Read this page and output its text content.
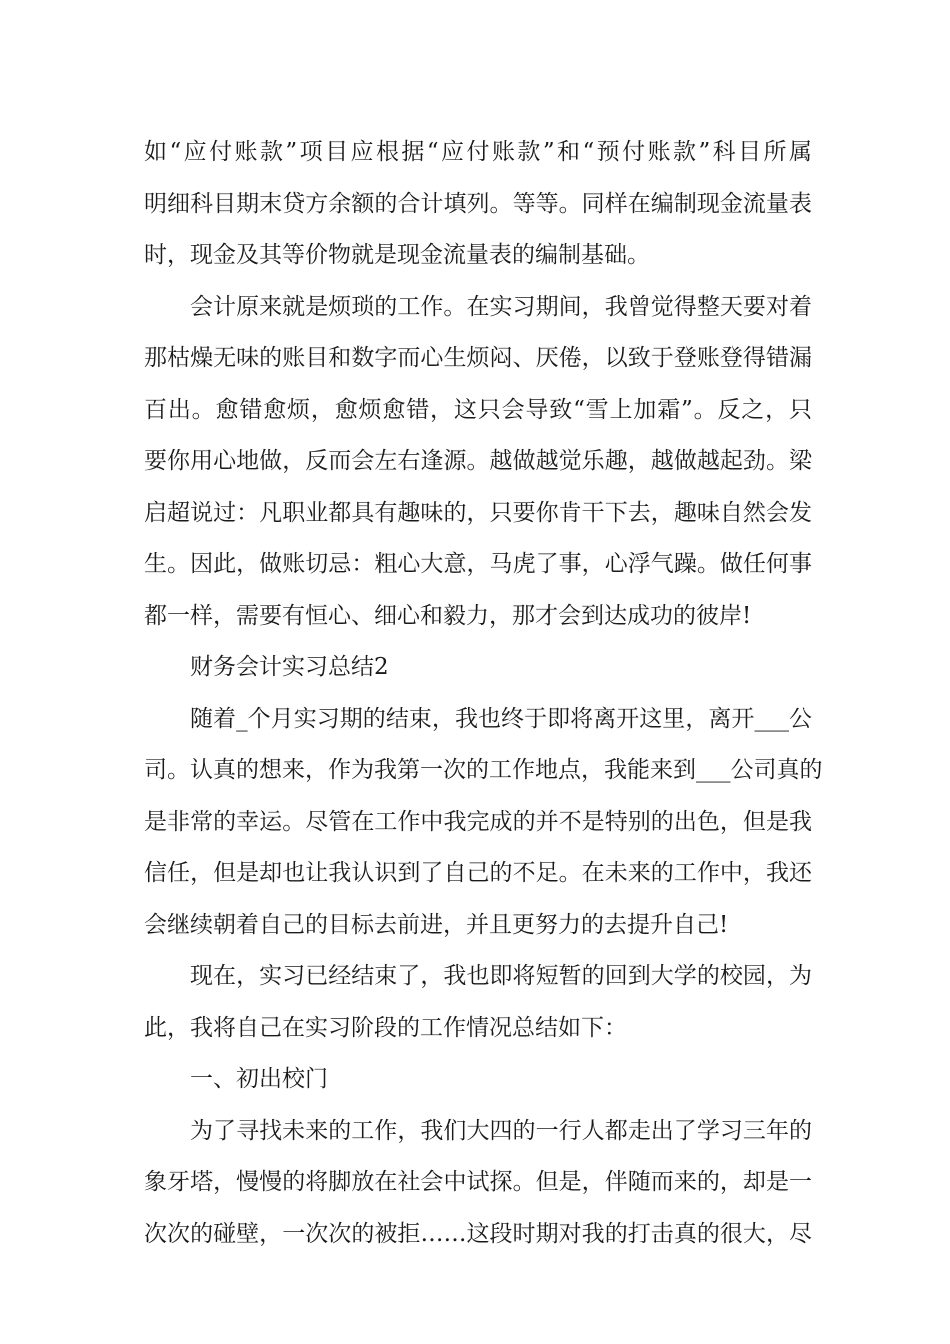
如“应付账款”项目应根据“应付账款”和“预付账款”科目所属
明细科目期末贷方余额的合计填列。等等。同样在编制现金流量表
时，现金及其等价物就是现金流量表的编制基础。
会计原来就是烦琐的工作。在实习期间，我曾觉得整天要对着
那枯燥无味的账目和数字而心生烦闷、厌倦，以致于登账登得错漏
百出。愈错愈烦，愈烦愈错，这只会导致“雪上加霜”。反之，只
要你用心地做，反而会左右逢源。越做越觉乐趣，越做越起劲。梁
启超说过：凡职业都具有趣味的，只要你肯干下去，趣味自然会发
生。因此，做账切忌：粗心大意，马虎了事，心浮气躁。做任何事
都一样，需要有恒心、细心和毅力，那才会到达成功的彼岸!
财务会计实习总结2
随着_个月实习期的结束，我也终于即将离开这里，离开___公
司。认真的想来，作为我第一次的工作地点，我能来到___公司真的
是非常的幸运。尽管在工作中我完成的并不是特别的出色，但是我
信任，但是却也让我认识到了自己的不足。在未来的工作中，我还
会继续朝着自己的目标去前进，并且更努力的去提升自己!
现在，实习已经结束了，我也即将短暂的回到大学的校园，为
此，我将自己在实习阶段的工作情况总结如下：
一、初出校门
为了寻找未来的工作，我们大四的一行人都走出了学习三年的
象牙塔，慢慢的将脚放在社会中试探。但是，伴随而来的，却是一
次次的碰壁，一次次的被拒……这段时期对我的打击真的很大，尽
